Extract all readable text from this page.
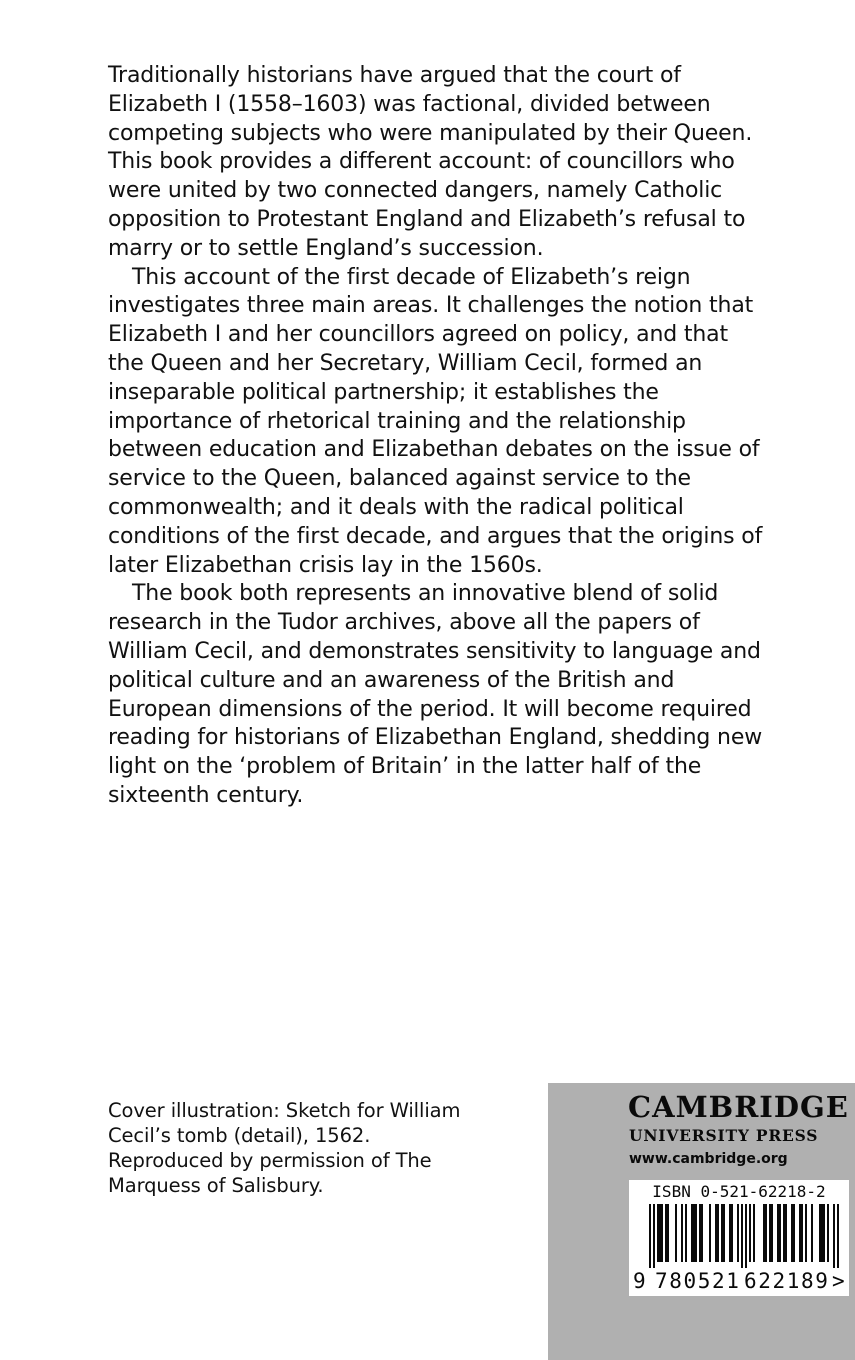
Traditionally historians have argued that the court of Elizabeth I (1558–1603) was factional, divided between competing subjects who were manipulated by their Queen. This book provides a different account: of councillors who were united by two connected dangers, namely Catholic opposition to Protestant England and Elizabeth’s refusal to marry or to settle England’s succession.

This account of the first decade of Elizabeth’s reign investigates three main areas. It challenges the notion that Elizabeth I and her councillors agreed on policy, and that the Queen and her Secretary, William Cecil, formed an inseparable political partnership; it establishes the importance of rhetorical training and the relationship between education and Elizabethan debates on the issue of service to the Queen, balanced against service to the commonwealth; and it deals with the radical political conditions of the first decade, and argues that the origins of later Elizabethan crisis lay in the 1560s.

The book both represents an innovative blend of solid research in the Tudor archives, above all the papers of William Cecil, and demonstrates sensitivity to language and political culture and an awareness of the British and European dimensions of the period. It will become required reading for historians of Elizabethan England, shedding new light on the ‘problem of Britain’ in the latter half of the sixteenth century.

Cover illustration: Sketch for William
Cecil’s tomb (detail), 1562.
Reproduced by permission of The
Marquess of Salisbury.
CAMBRIDGE
UNIVERSITY PRESS
www.cambridge.org
ISBN 0-521-62218-2
9 780521 622189 >
